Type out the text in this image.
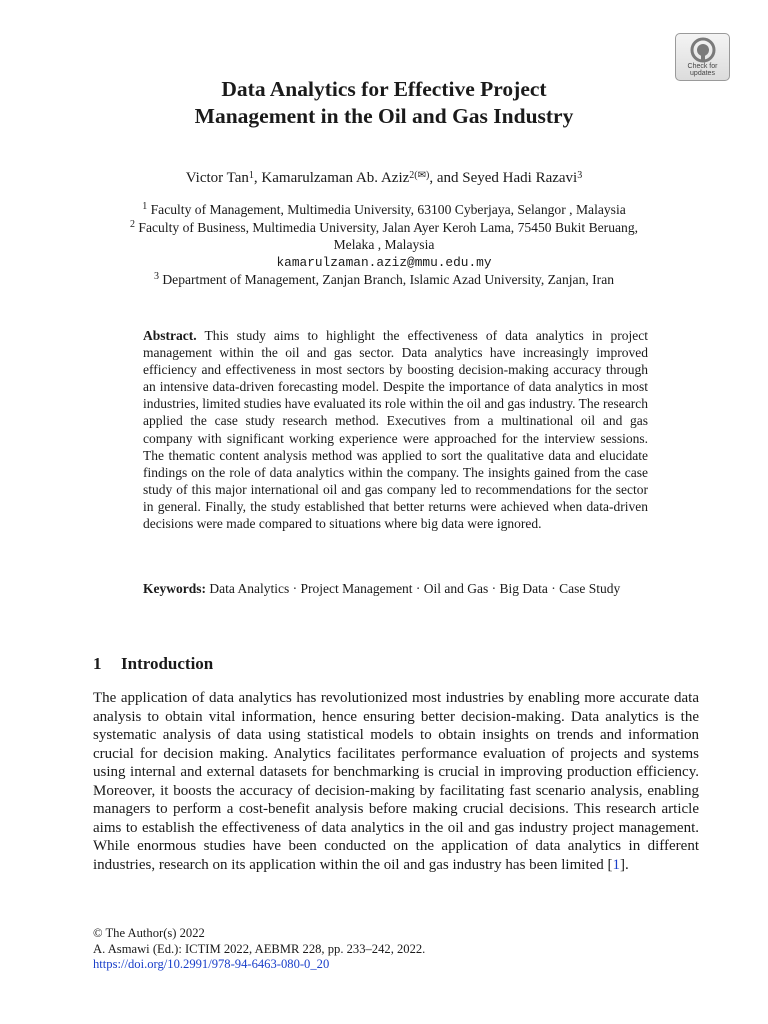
Check for
updates
Data Analytics for Effective Project
Management in the Oil and Gas Industry
Victor Tan$^1$, Kamarulzaman Ab. Aziz$^{2(✉)}$, and Seyed Hadi Razavi$^3$
$^1$ Faculty of Management, Multimedia University, 63100 Cyberjaya, Selangor , Malaysia
$^2$ Faculty of Business, Multimedia University, Jalan Ayer Keroh Lama, 75450 Bukit Beruang,
Melaka , Malaysia
kamarulzaman.aziz@mmu.edu.my
$^3$ Department of Management, Zanjan Branch, Islamic Azad University, Zanjan, Iran
Abstract. This study aims to highlight the effectiveness of data analytics in project management within the oil and gas sector. Data analytics have increasingly improved efficiency and effectiveness in most sectors by boosting decision-making accuracy through an intensive data-driven forecasting model. Despite the importance of data analytics in most industries, limited studies have evaluated its role within the oil and gas industry. The research applied the case study research method. Executives from a multinational oil and gas company with significant working experience were approached for the interview sessions. The thematic content analysis method was applied to sort the qualitative data and elucidate findings on the role of data analytics within the company. The insights gained from the case study of this major international oil and gas company led to recommendations for the sector in general. Finally, the study established that better returns were achieved when data-driven decisions were made compared to situations where big data were ignored.
Keywords: Data Analytics · Project Management · Oil and Gas · Big Data · Case Study
1 Introduction
The application of data analytics has revolutionized most industries by enabling more accurate data analysis to obtain vital information, hence ensuring better decision-making. Data analytics is the systematic analysis of data using statistical models to obtain insights on trends and information crucial for decision making. Analytics facilitates performance evaluation of projects and systems using internal and external datasets for benchmarking is crucial in improving production efficiency. Moreover, it boosts the accuracy of decision-making by facilitating fast scenario analysis, enabling managers to perform a cost-benefit analysis before making crucial decisions. This research article aims to establish the effectiveness of data analytics in the oil and gas industry project management. While enormous studies have been conducted on the application of data analytics in different industries, research on its application within the oil and gas industry has been limited [1].
© The Author(s) 2022
A. Asmawi (Ed.): ICTIM 2022, AEBMR 228, pp. 233–242, 2022.
https://doi.org/10.2991/978-94-6463-080-0_20
